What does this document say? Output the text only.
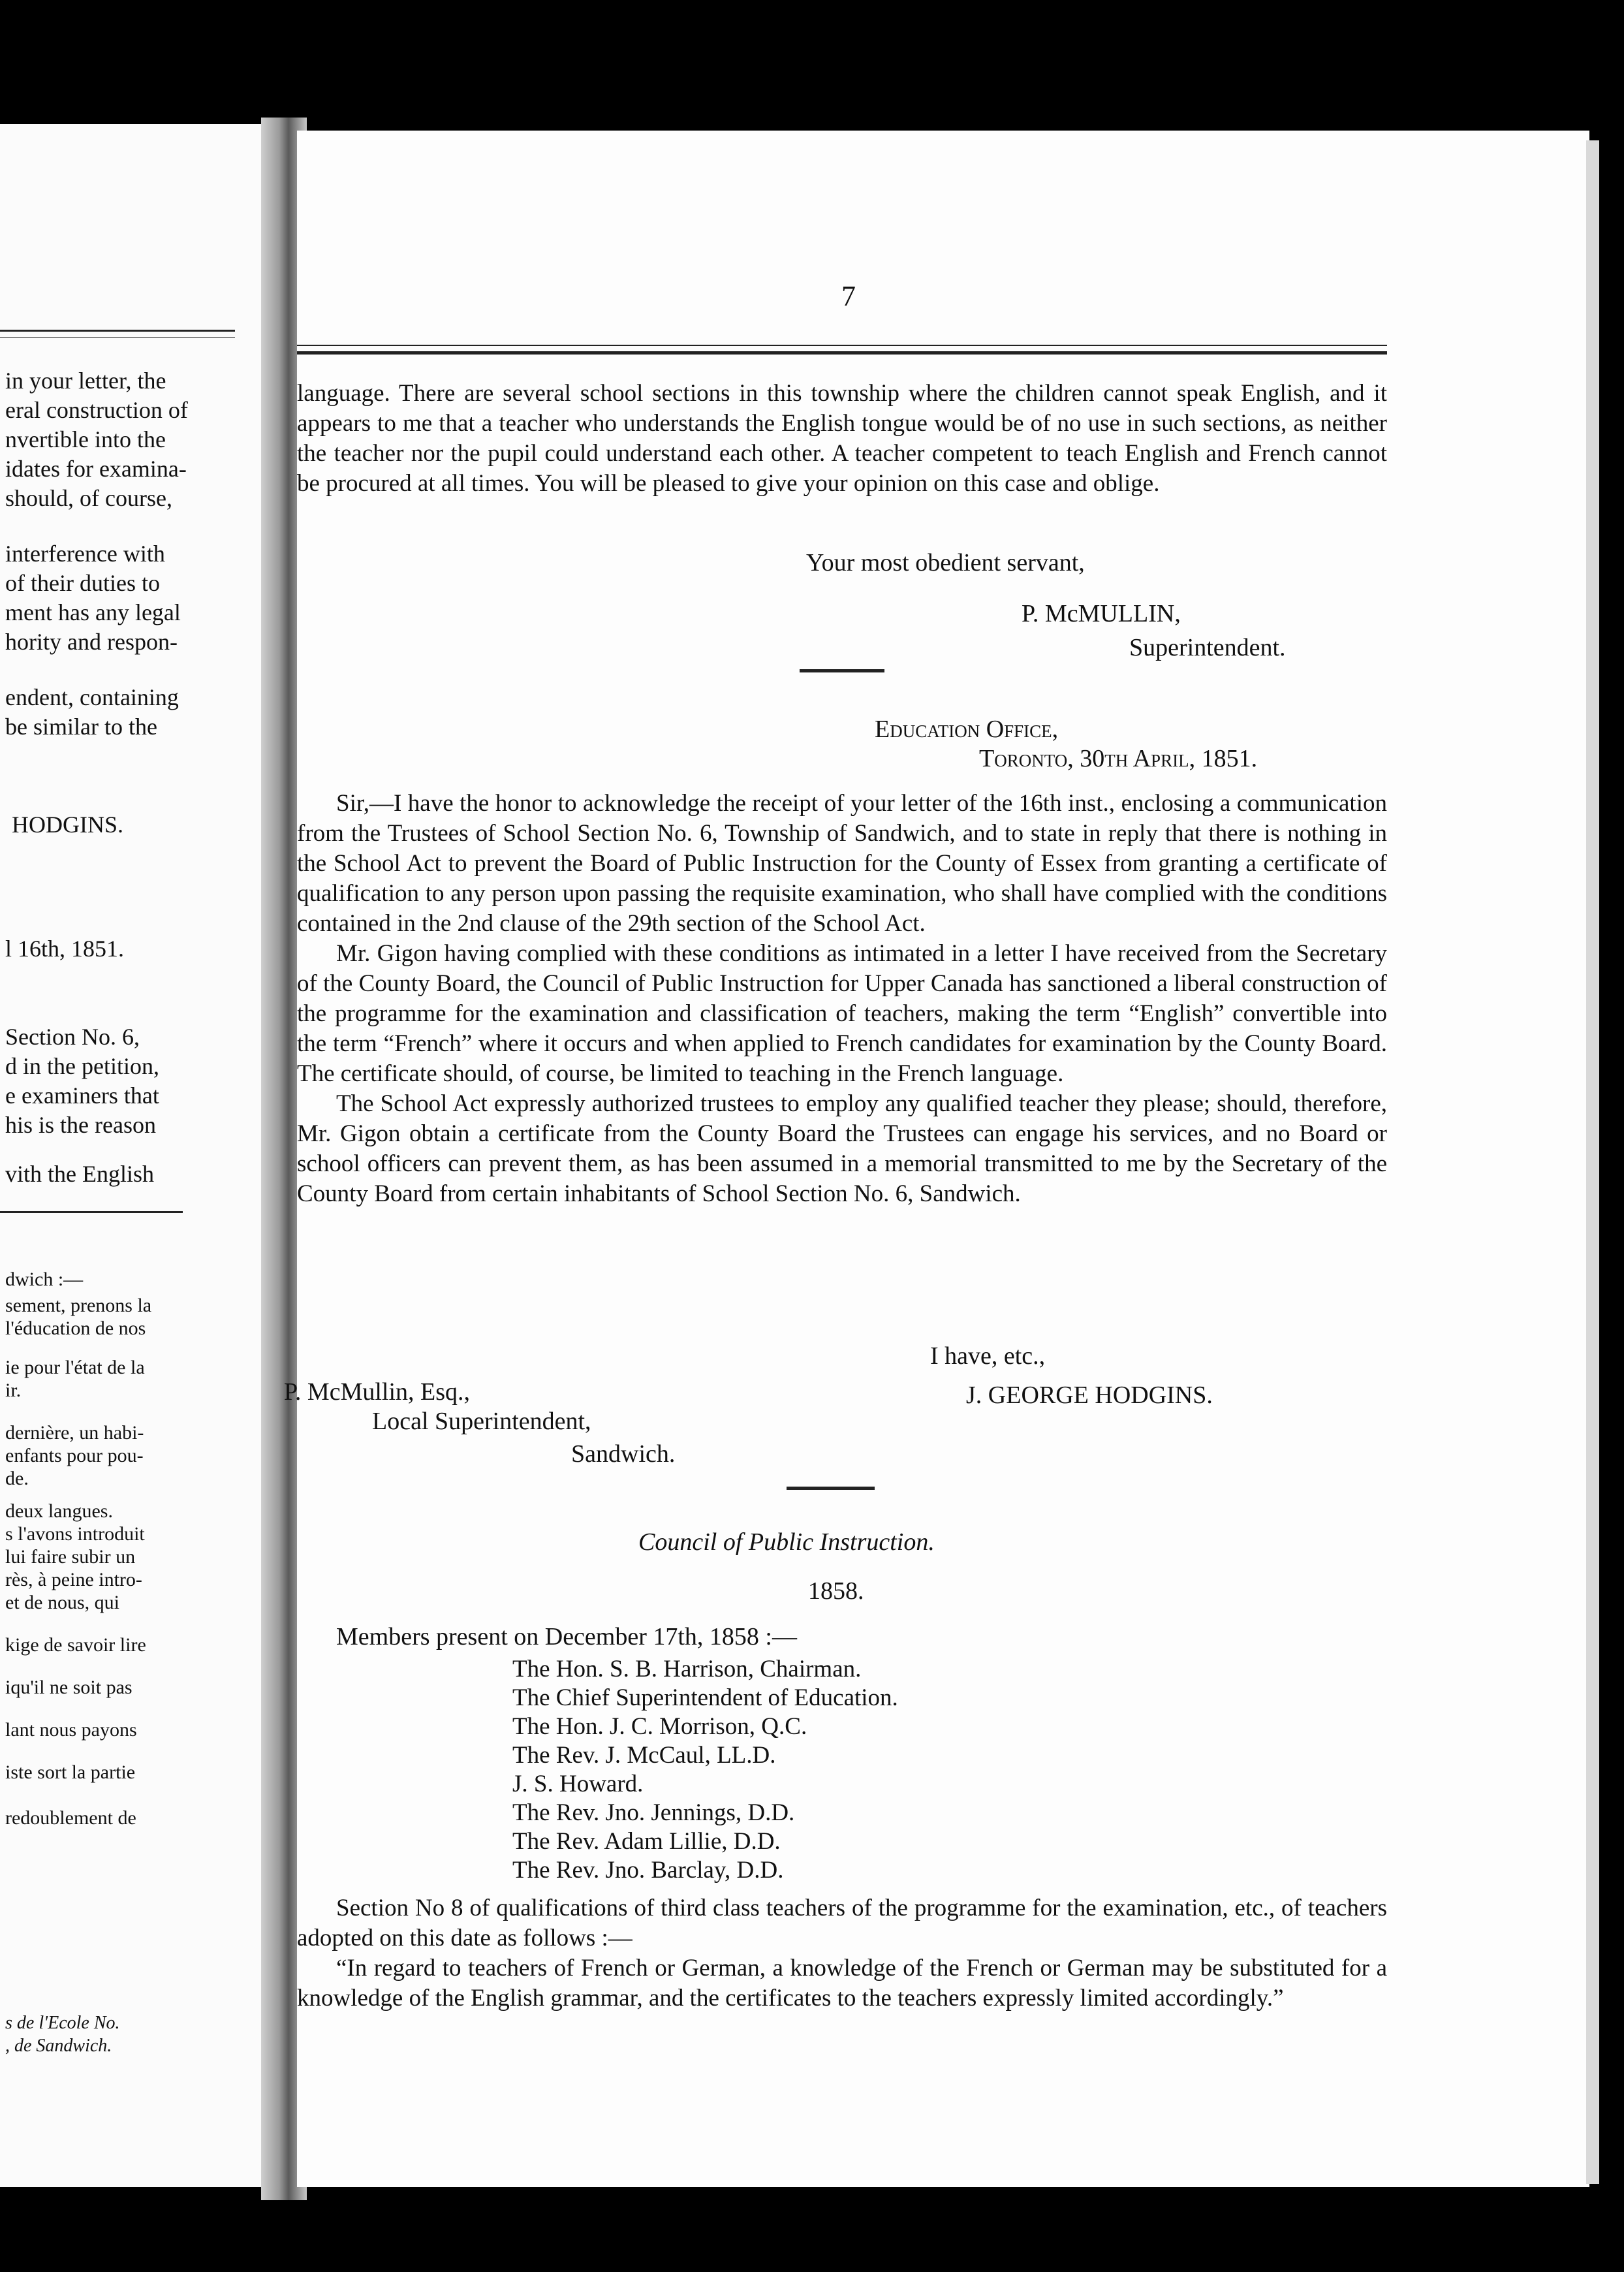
in your letter, the
eral construction of
nvertible into the
idates for examina-
should, of course,
interference with
of their duties to
ment has any legal
hority and respon-
endent, containing
be similar to the
HODGINS.
l 16th, 1851.
Section No. 6,
d in the petition,
e examiners that
his is the reason
vith the English
dwich :—
sement, prenons la
l'éducation de nos
ie pour l'état de la
ir.
dernière, un habi-
enfants pour pou-
de.
deux langues.
s l'avons introduit
lui faire subir un
rès, à peine intro-
et de nous, qui
kige de savoir lire
iqu'il ne soit pas
lant nous payons
iste sort la partie
redoublement de
s de l'Ecole No.
, de Sandwich.
7

language. There are several school sections in this township where the children cannot speak English, and it appears to me that a teacher who understands the English tongue would be of no use in such sections, as neither the teacher nor the pupil could understand each other. A teacher competent to teach English and French cannot be procured at all times. You will be pleased to give your opinion on this case and oblige.

Your most obedient servant,
P. McMULLIN,
Superintendent.
Education Office,
Toronto, 30th April, 1851.

Sir,—I have the honor to acknowledge the receipt of your letter of the 16th inst., enclosing a communication from the Trustees of School Section No. 6, Township of Sandwich, and to state in reply that there is nothing in the School Act to prevent the Board of Public Instruction for the County of Essex from granting a certificate of qualification to any person upon passing the requisite examination, who shall have complied with the conditions contained in the 2nd clause of the 29th section of the School Act.

Mr. Gigon having complied with these conditions as intimated in a letter I have received from the Secretary of the County Board, the Council of Public Instruction for Upper Canada has sanctioned a liberal construction of the programme for the examination and classification of teachers, making the term “English” convertible into the term “French” where it occurs and when applied to French candidates for examination by the County Board. The certificate should, of course, be limited to teaching in the French language.

The School Act expressly authorized trustees to employ any qualified teacher they please; should, therefore, Mr. Gigon obtain a certificate from the County Board the Trustees can engage his services, and no Board or school officers can prevent them, as has been assumed in a memorial transmitted to me by the Secretary of the County Board from certain inhabitants of School Section No. 6, Sandwich.

I have, etc.,
P. McMullin, Esq.,	J. GEORGE HODGINS.
Local Superintendent,
Sandwich.
Council of Public Instruction.
1858.
Members present on December 17th, 1858 :—
The Hon. S. B. Harrison, Chairman.
The Chief Superintendent of Education.
The Hon. J. C. Morrison, Q.C.
The Rev. J. McCaul, LL.D.
J. S. Howard.
The Rev. Jno. Jennings, D.D.
The Rev. Adam Lillie, D.D.
The Rev. Jno. Barclay, D.D.

Section No 8 of qualifications of third class teachers of the programme for the examination, etc., of teachers adopted on this date as follows :—

“In regard to teachers of French or German, a knowledge of the French or German may be substituted for a knowledge of the English grammar, and the certificates to the teachers expressly limited accordingly.”
